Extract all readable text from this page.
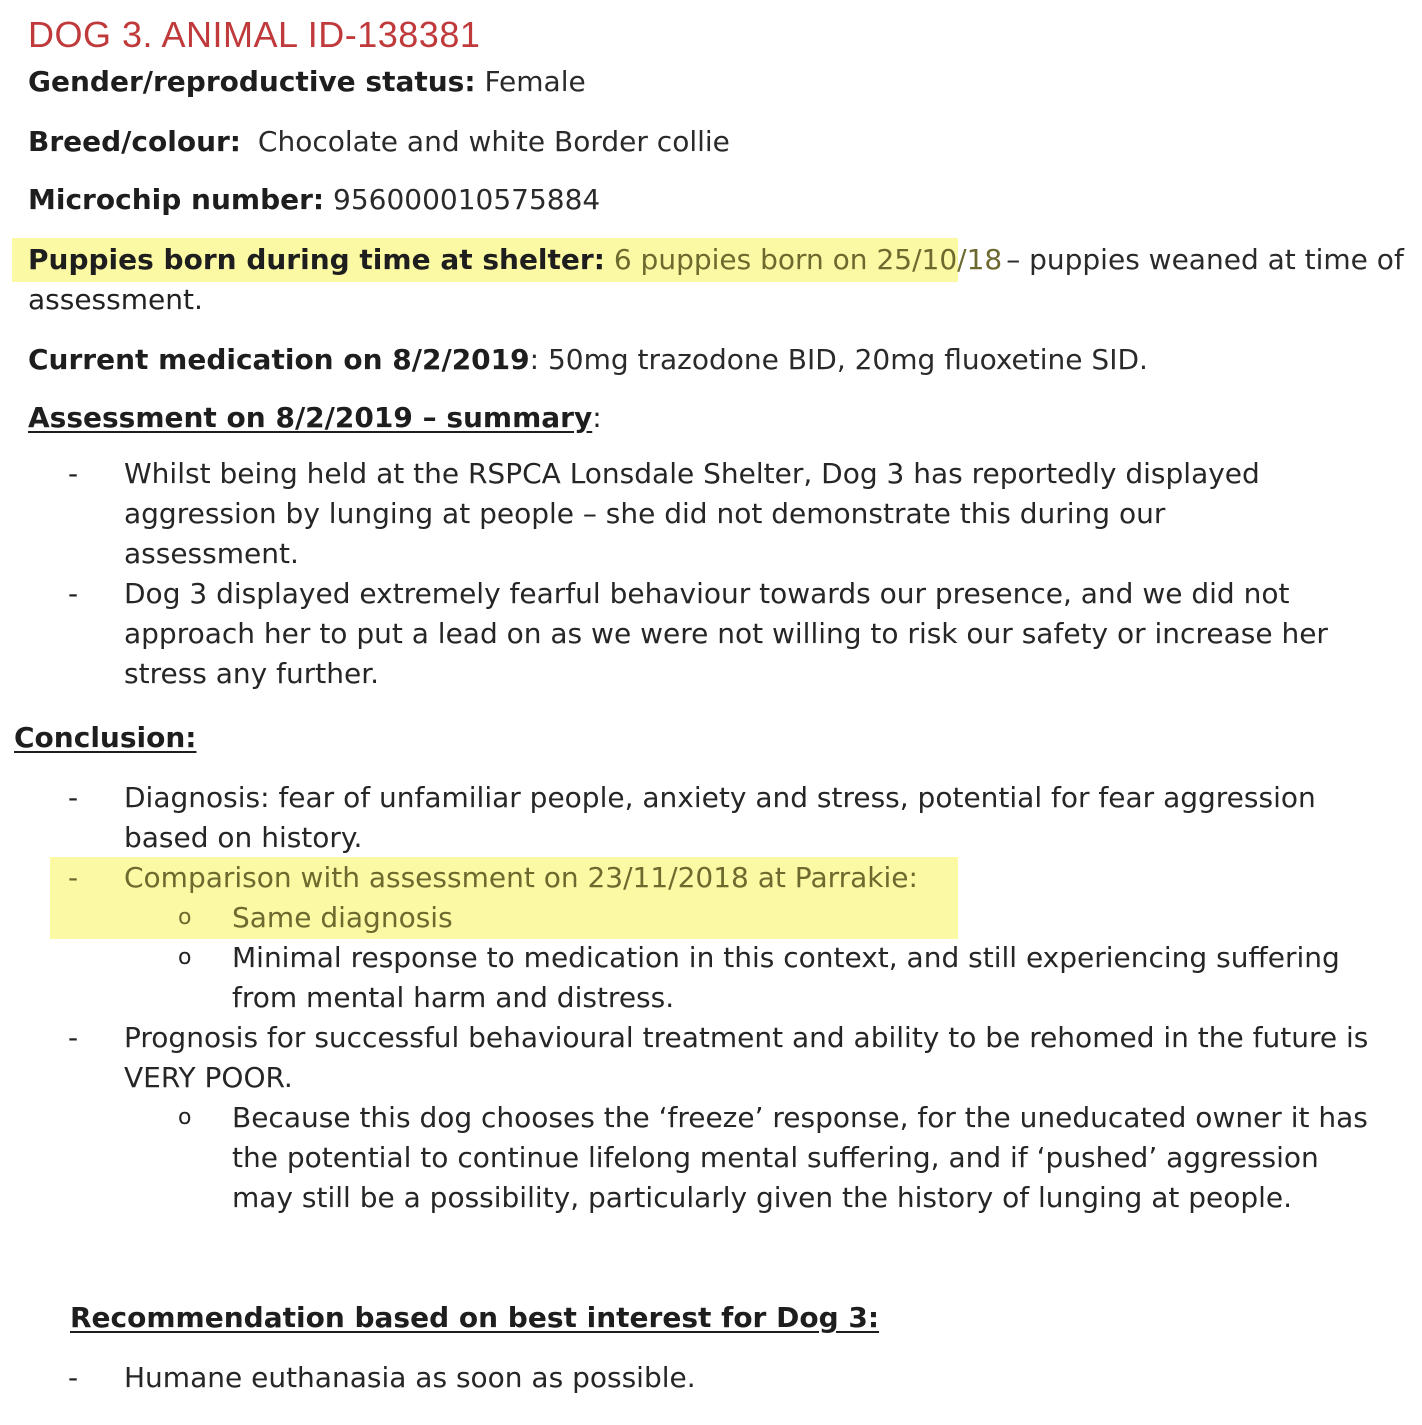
DOG 3. ANIMAL ID-138381
Gender/reproductive status: Female
Breed/colour: Chocolate and white Border collie
Microchip number: 956000010575884
Puppies born during time at shelter: 6 puppies born on 25/10/18 – puppies weaned at time of
assessment.
Current medication on 8/2/2019: 50mg trazodone BID, 20mg fluoxetine SID.
Assessment on 8/2/2019 – summary:
-	Whilst being held at the RSPCA Lonsdale Shelter, Dog 3 has reportedly displayed aggression by lunging at people – she did not demonstrate this during our assessment.
-	Dog 3 displayed extremely fearful behaviour towards our presence, and we did not approach her to put a lead on as we were not willing to risk our safety or increase her stress any further.
Conclusion:
-	Diagnosis: fear of unfamiliar people, anxiety and stress, potential for fear aggression based on history.
-	Comparison with assessment on 23/11/2018 at Parrakie:
o Same diagnosis
o Minimal response to medication in this context, and still experiencing suffering from mental harm and distress.
-	Prognosis for successful behavioural treatment and ability to be rehomed in the future is VERY POOR.
o Because this dog chooses the ‘freeze’ response, for the uneducated owner it has the potential to continue lifelong mental suffering, and if ‘pushed’ aggression may still be a possibility, particularly given the history of lunging at people.
Recommendation based on best interest for Dog 3:
-	Humane euthanasia as soon as possible.
